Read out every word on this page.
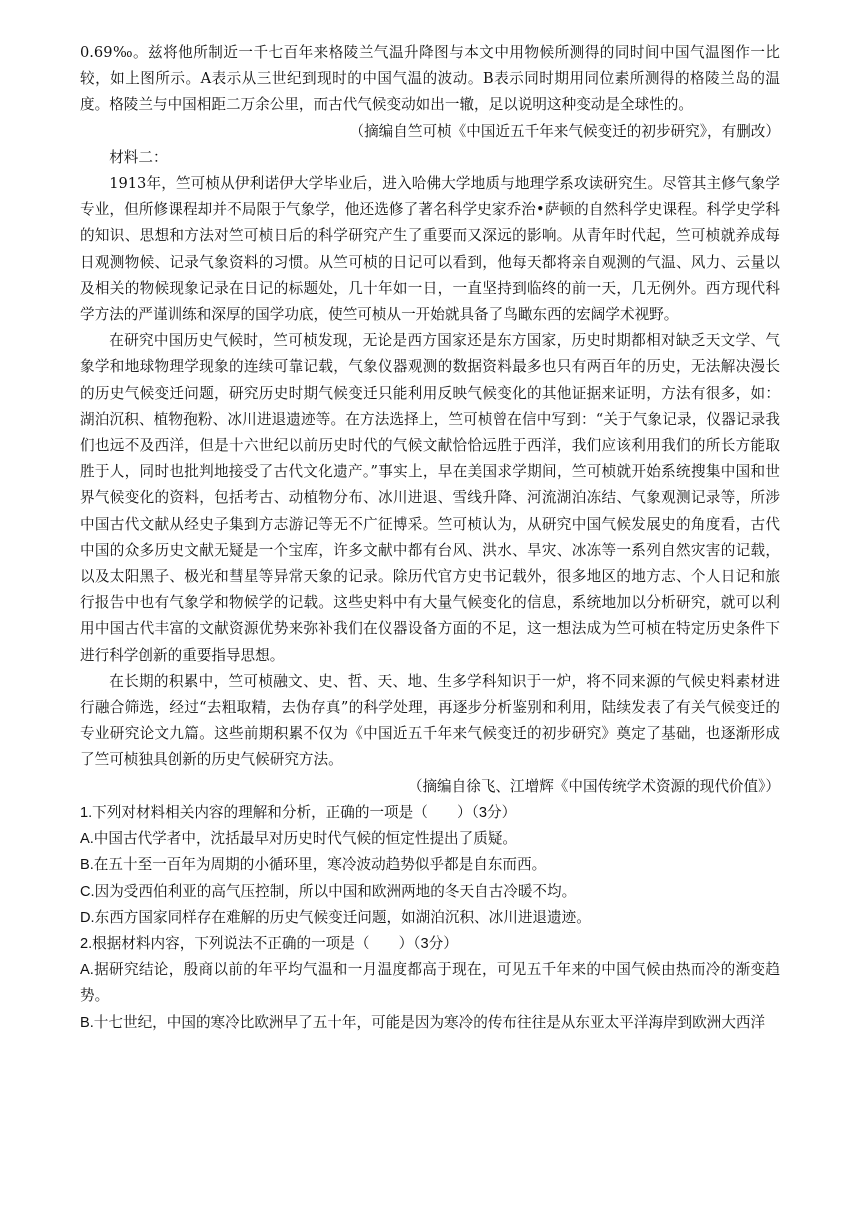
0.69‰。兹将他所制近一千七百年来格陵兰气温升降图与本文中用物候所测得的同时间中国气温图作一比较，如上图所示。A表示从三世纪到现时的中国气温的波动。B表示同时期用同位素所测得的格陵兰岛的温度。格陵兰与中国相距二万余公里，而古代气候变动如出一辙，足以说明这种变动是全球性的。

（摘编自竺可桢《中国近五千年来气候变迁的初步研究》，有删改）

材料二：

1913年，竺可桢从伊利诺伊大学毕业后，进入哈佛大学地质与地理学系攻读研究生。尽管其主修气象学专业，但所修课程却并不局限于气象学，他还选修了著名科学史家乔治•萨顿的自然科学史课程。科学史学科的知识、思想和方法对竺可桢日后的科学研究产生了重要而又深远的影响。从青年时代起，竺可桢就养成每日观测物候、记录气象资料的习惯。从竺可桢的日记可以看到，他每天都将亲自观测的气温、风力、云量以及相关的物候现象记录在日记的标题处，几十年如一日，一直坚持到临终的前一天，几无例外。西方现代科学方法的严谨训练和深厚的国学功底，使竺可桢从一开始就具备了鸟瞰东西的宏阔学术视野。

在研究中国历史气候时，竺可桢发现，无论是西方国家还是东方国家，历史时期都相对缺乏天文学、气象学和地球物理学现象的连续可靠记载，气象仪器观测的数据资料最多也只有两百年的历史，无法解决漫长的历史气候变迁问题，研究历史时期气候变迁只能利用反映气候变化的其他证据来证明，方法有很多，如：湖泊沉积、植物孢粉、冰川进退遗迹等。在方法选择上，竺可桢曾在信中写到：“关于气象记录，仪器记录我们也远不及西洋，但是十六世纪以前历史时代的气候文献恰恰远胜于西洋，我们应该利用我们的所长方能取胜于人，同时也批判地接受了古代文化遗产。”事实上，早在美国求学期间，竺可桢就开始系统搜集中国和世界气候变化的资料，包括考古、动植物分布、冰川进退、雪线升降、河流湖泊冻结、气象观测记录等，所涉中国古代文献从经史子集到方志游记等无不广征博采。竺可桢认为，从研究中国气候发展史的角度看，古代中国的众多历史文献无疑是一个宝库，许多文献中都有台风、洪水、旱灾、冰冻等一系列自然灾害的记载，以及太阳黑子、极光和彗星等异常天象的记录。除历代官方史书记载外，很多地区的地方志、个人日记和旅行报告中也有气象学和物候学的记载。这些史料中有大量气候变化的信息，系统地加以分析研究，就可以利用中国古代丰富的文献资源优势来弥补我们在仪器设备方面的不足，这一想法成为竺可桢在特定历史条件下进行科学创新的重要指导思想。

在长期的积累中，竺可桢融文、史、哲、天、地、生多学科知识于一炉，将不同来源的气候史料素材进行融合筛选，经过“去粗取精，去伪存真”的科学处理，再逐步分析鉴别和利用，陆续发表了有关气候变迁的专业研究论文九篇。这些前期积累不仅为《中国近五千年来气候变迁的初步研究》奠定了基础，也逐渐形成了竺可桢独具创新的历史气候研究方法。

（摘编自徐飞、江增辉《中国传统学术资源的现代价值》）

1.下列对材料相关内容的理解和分析，正确的一项是（　　）（3分）

A.中国古代学者中，沈括最早对历史时代气候的恒定性提出了质疑。

B.在五十至一百年为周期的小循环里，寒冷波动趋势似乎都是自东而西。

C.因为受西伯利亚的高气压控制，所以中国和欧洲两地的冬天自古冷暖不均。

D.东西方国家同样存在难解的历史气候变迁问题，如湖泊沉积、冰川进退遗迹。

2.根据材料内容，下列说法不正确的一项是（　　）（3分）

A.据研究结论，殷商以前的年平均气温和一月温度都高于现在，可见五千年来的中国气候由热而冷的渐变趋势。

B.十七世纪，中国的寒冷比欧洲早了五十年，可能是因为寒冷的传布往往是从东亚太平洋海岸到欧洲大西洋
